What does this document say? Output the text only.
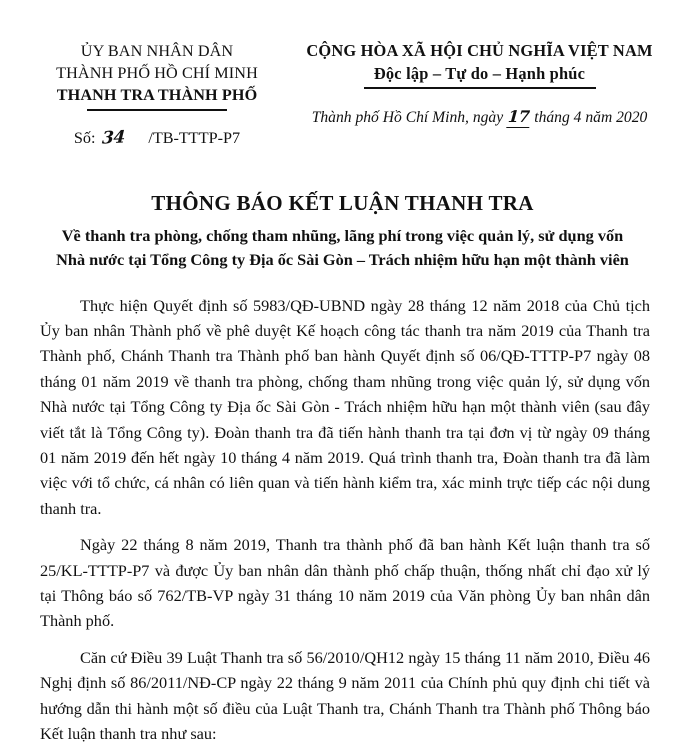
ỦY BAN NHÂN DÂN
THÀNH PHỐ HỒ CHÍ MINH
THANH TRA THÀNH PHỐ
Số: 34 /TB-TTTP-P7
CỘNG HÒA XÃ HỘI CHỦ NGHĨA VIỆT NAM
Độc lập – Tự do – Hạnh phúc
Thành phố Hồ Chí Minh, ngày 17 tháng 4 năm 2020
THÔNG BÁO KẾT LUẬN THANH TRA
Về thanh tra phòng, chống tham nhũng, lãng phí trong việc quản lý, sử dụng vốn
Nhà nước tại Tổng Công ty Địa ốc Sài Gòn – Trách nhiệm hữu hạn một thành viên

Thực hiện Quyết định số 5983/QĐ-UBND ngày 28 tháng 12 năm 2018 của Chủ tịch Ủy ban nhân Thành phố về phê duyệt Kế hoạch công tác thanh tra năm 2019 của Thanh tra Thành phố, Chánh Thanh tra Thành phố ban hành Quyết định số 06/QĐ-TTTP-P7 ngày 08 tháng 01 năm 2019 về thanh tra phòng, chống tham nhũng trong việc quản lý, sử dụng vốn Nhà nước tại Tổng Công ty Địa ốc Sài Gòn - Trách nhiệm hữu hạn một thành viên (sau đây viết tắt là Tổng Công ty). Đoàn thanh tra đã tiến hành thanh tra tại đơn vị từ ngày 09 tháng 01 năm 2019 đến hết ngày 10 tháng 4 năm 2019. Quá trình thanh tra, Đoàn thanh tra đã làm việc với tổ chức, cá nhân có liên quan và tiến hành kiểm tra, xác minh trực tiếp các nội dung thanh tra.

Ngày 22 tháng 8 năm 2019, Thanh tra thành phố đã ban hành Kết luận thanh tra số 25/KL-TTTP-P7 và được Ủy ban nhân dân thành phố chấp thuận, thống nhất chỉ đạo xử lý tại Thông báo số 762/TB-VP ngày 31 tháng 10 năm 2019 của Văn phòng Ủy ban nhân dân Thành phố.

Căn cứ Điều 39 Luật Thanh tra số 56/2010/QH12 ngày 15 tháng 11 năm 2010, Điều 46 Nghị định số 86/2011/NĐ-CP ngày 22 tháng 9 năm 2011 của Chính phủ quy định chi tiết và hướng dẫn thi hành một số điều của Luật Thanh tra, Chánh Thanh tra Thành phố Thông báo Kết luận thanh tra như sau:
